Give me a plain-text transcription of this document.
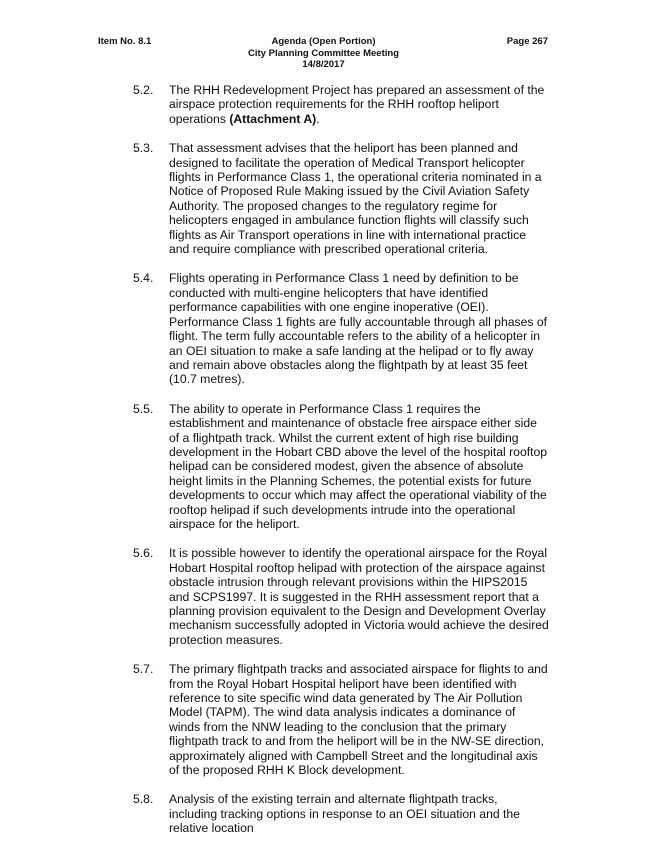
Item No. 8.1	Agenda (Open Portion)
City Planning Committee Meeting
14/8/2017
Page 267
5.2. The RHH Redevelopment Project has prepared an assessment of the airspace protection requirements for the RHH rooftop heliport operations (Attachment A).
5.3. That assessment advises that the heliport has been planned and designed to facilitate the operation of Medical Transport helicopter flights in Performance Class 1, the operational criteria nominated in a Notice of Proposed Rule Making issued by the Civil Aviation Safety Authority. The proposed changes to the regulatory regime for helicopters engaged in ambulance function flights will classify such flights as Air Transport operations in line with international practice and require compliance with prescribed operational criteria.
5.4. Flights operating in Performance Class 1 need by definition to be conducted with multi-engine helicopters that have identified performance capabilities with one engine inoperative (OEI). Performance Class 1 fights are fully accountable through all phases of flight. The term fully accountable refers to the ability of a helicopter in an OEI situation to make a safe landing at the helipad or to fly away and remain above obstacles along the flightpath by at least 35 feet (10.7 metres).
5.5. The ability to operate in Performance Class 1 requires the establishment and maintenance of obstacle free airspace either side of a flightpath track. Whilst the current extent of high rise building development in the Hobart CBD above the level of the hospital rooftop helipad can be considered modest, given the absence of absolute height limits in the Planning Schemes, the potential exists for future developments to occur which may affect the operational viability of the rooftop helipad if such developments intrude into the operational airspace for the heliport.
5.6. It is possible however to identify the operational airspace for the Royal Hobart Hospital rooftop helipad with protection of the airspace against obstacle intrusion through relevant provisions within the HIPS2015 and SCPS1997. It is suggested in the RHH assessment report that a planning provision equivalent to the Design and Development Overlay mechanism successfully adopted in Victoria would achieve the desired protection measures.
5.7. The primary flightpath tracks and associated airspace for flights to and from the Royal Hobart Hospital heliport have been identified with reference to site specific wind data generated by The Air Pollution Model (TAPM). The wind data analysis indicates a dominance of winds from the NNW leading to the conclusion that the primary flightpath track to and from the heliport will be in the NW-SE direction, approximately aligned with Campbell Street and the longitudinal axis of the proposed RHH K Block development.
5.8. Analysis of the existing terrain and alternate flightpath tracks, including tracking options in response to an OEI situation and the relative location
